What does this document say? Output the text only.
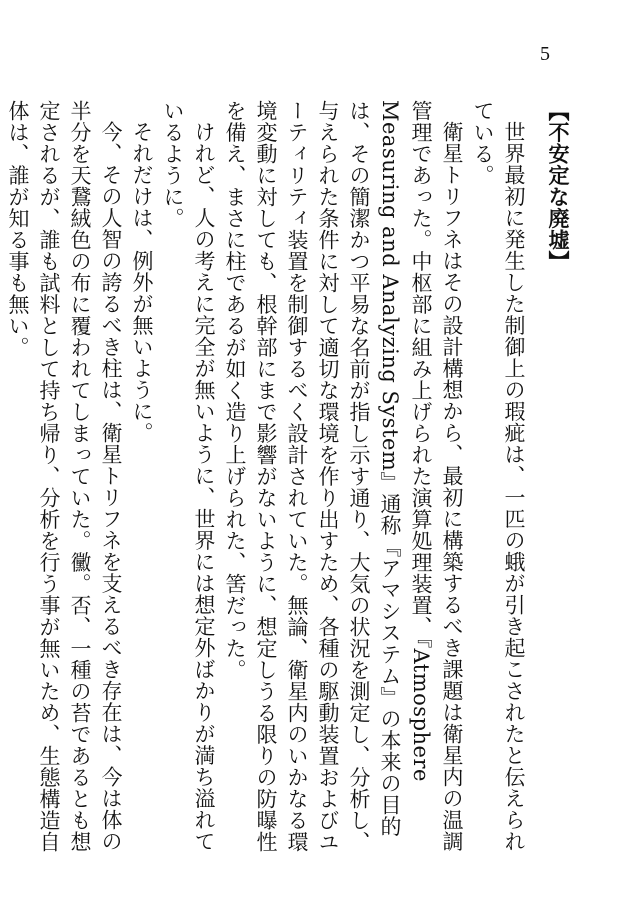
5
【不安定な廃墟】
世界最初に発生した制御上の瑕疵は、一匹の蛾が引き起こされたと伝えられている。
衛星トリフネはその設計構想から、最初に構築するべき課題は衛星内の温調管理であった。中枢部に組み上げられた演算処理装置、『Atmosphere Measuring and Analyzing System』通称『アマシステム』の本来の目的は、その簡潔かつ平易な名前が指し示す通り、大気の状況を測定し、分析し、与えられた条件に対して適切な環境を作り出すため、各種の駆動装置およびユーティリティ装置を制御するべく設計されていた。無論、衛星内のいかなる環境変動に対しても、根幹部にまで影響がないように、想定しうる限りの防曝性を備え、まさに柱であるが如く造り上げられた、筈だった。
けれど、人の考えに完全が無いように、世界には想定外ばかりが満ち溢れているように。
それだけは、例外が無いように。
今、その人智の誇るべき柱は、衛星トリフネを支えるべき存在は、今は体の半分を天鵞絨色の布に覆われてしまっていた。黴。否、一種の苔であるとも想定されるが、誰も試料として持ち帰り、分析を行う事が無いため、生態構造自体は、誰が知る事も無い。
